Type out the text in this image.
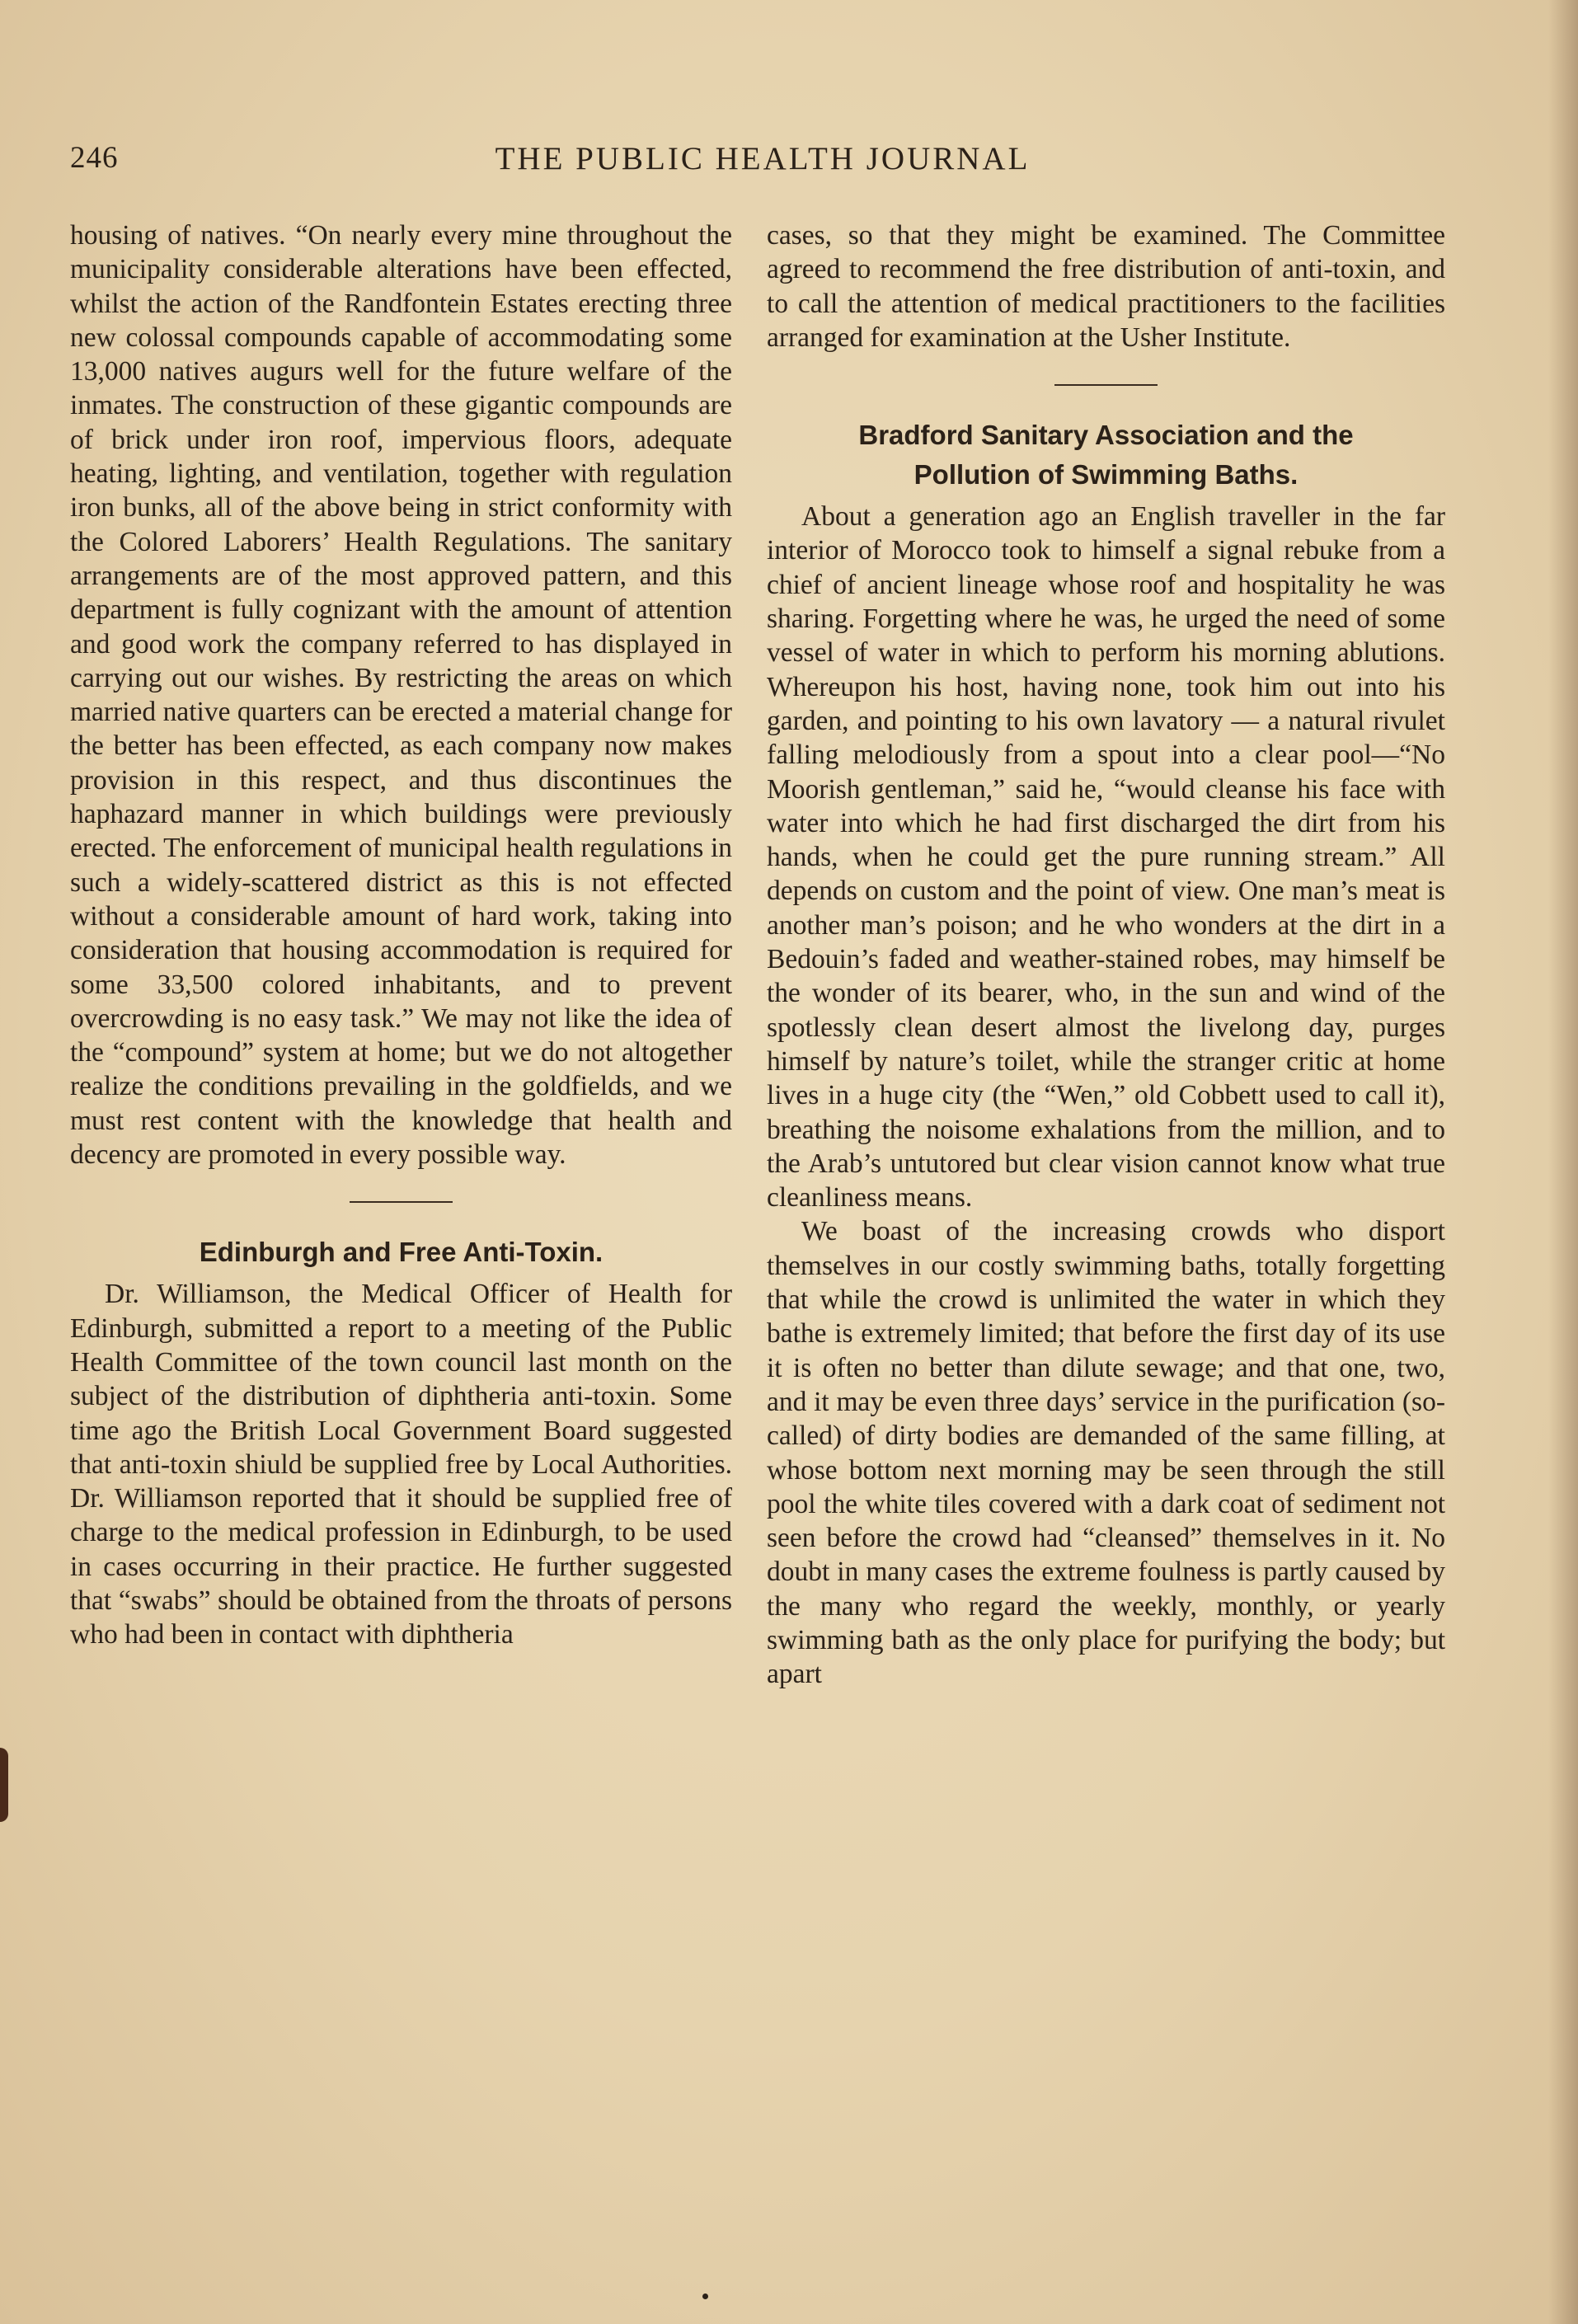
246	THE PUBLIC HEALTH JOURNAL

housing of natives. “On nearly every mine throughout the municipality considerable alterations have been effected, whilst the action of the Randfontein Estates erecting three new colossal compounds capable of accommodating some 13,000 natives augurs well for the future welfare of the inmates. The construction of these gigantic compounds are of brick under iron roof, impervious floors, adequate heating, lighting, and ventilation, together with regulation iron bunks, all of the above being in strict conformity with the Colored Laborers’ Health Regulations. The sanitary arrangements are of the most approved pattern, and this department is fully cognizant with the amount of attention and good work the company referred to has displayed in carrying out our wishes. By restricting the areas on which married native quarters can be erected a material change for the better has been effected, as each company now makes provision in this respect, and thus discontinues the haphazard manner in which buildings were previously erected. The enforcement of municipal health regulations in such a widely-scattered district as this is not effected without a considerable amount of hard work, taking into consideration that housing accommodation is required for some 33,500 colored inhabitants, and to prevent overcrowding is no easy task.” We may not like the idea of the “compound” system at home; but we do not altogether realize the conditions prevailing in the goldfields, and we must rest content with the knowledge that health and decency are promoted in every possible way.

Edinburgh and Free Anti-Toxin.

Dr. Williamson, the Medical Officer of Health for Edinburgh, submitted a report to a meeting of the Public Health Committee of the town council last month on the subject of the distribution of diphtheria anti-toxin. Some time ago the British Local Government Board suggested that anti-toxin shiuld be supplied free by Local Authorities. Dr. Williamson reported that it should be supplied free of charge to the medical profession in Edinburgh, to be used in cases occurring in their practice. He further suggested that “swabs” should be obtained from the throats of persons who had been in contact with diphtheria

cases, so that they might be examined. The Committee agreed to recommend the free distribution of anti-toxin, and to call the attention of medical practitioners to the facilities arranged for examination at the Usher Institute.

Bradford Sanitary Association and the
Pollution of Swimming Baths.

About a generation ago an English traveller in the far interior of Morocco took to himself a signal rebuke from a chief of ancient lineage whose roof and hospitality he was sharing. Forgetting where he was, he urged the need of some vessel of water in which to perform his morning ablutions. Whereupon his host, having none, took him out into his garden, and pointing to his own lavatory — a natural rivulet falling melodiously from a spout into a clear pool—“No Moorish gentleman,” said he, “would cleanse his face with water into which he had first discharged the dirt from his hands, when he could get the pure running stream.” All depends on custom and the point of view. One man’s meat is another man’s poison; and he who wonders at the dirt in a Bedouin’s faded and weather-stained robes, may himself be the wonder of its bearer, who, in the sun and wind of the spotlessly clean desert almost the livelong day, purges himself by nature’s toilet, while the stranger critic at home lives in a huge city (the “Wen,” old Cobbett used to call it), breathing the noisome exhalations from the million, and to the Arab’s untutored but clear vision cannot know what true cleanliness means.

We boast of the increasing crowds who disport themselves in our costly swimming baths, totally forgetting that while the crowd is unlimited the water in which they bathe is extremely limited; that before the first day of its use it is often no better than dilute sewage; and that one, two, and it may be even three days’ service in the purification (so-called) of dirty bodies are demanded of the same filling, at whose bottom next morning may be seen through the still pool the white tiles covered with a dark coat of sediment not seen before the crowd had “cleansed” themselves in it. No doubt in many cases the extreme foulness is partly caused by the many who regard the weekly, monthly, or yearly swimming bath as the only place for purifying the body; but apart
